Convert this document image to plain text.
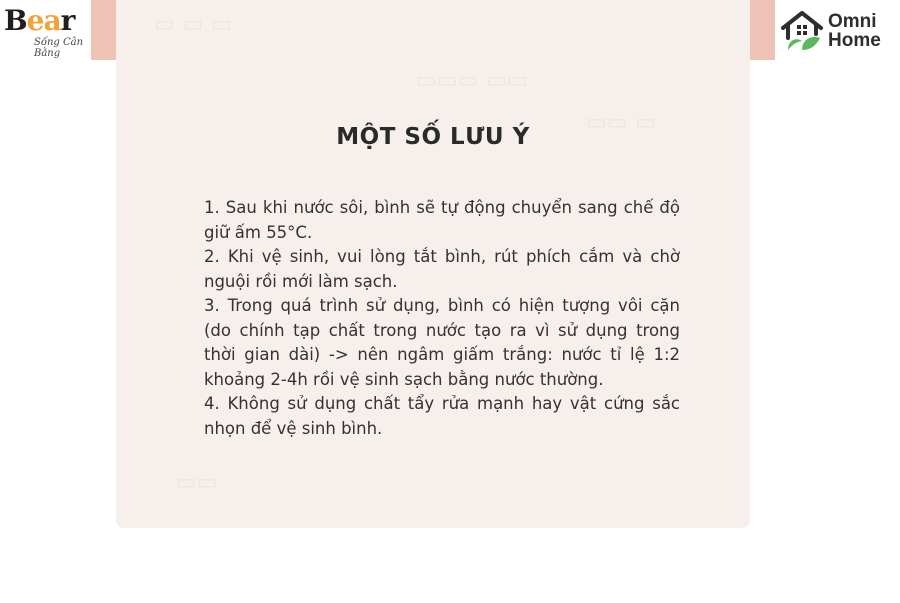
▭ ▭ ▭
▭▭▭ ▭▭
▭▭ ▭
▭▭
Bear
Sống Cân Bằng
Omni
Home
MỘT SỐ LƯU Ý
1. Sau khi nước sôi, bình sẽ tự động chuyển sang chế độ giữ ấm 55°C.
2. Khi vệ sinh, vui lòng tắt bình, rút phích cắm và chờ nguội rồi mới làm sạch.
3. Trong quá trình sử dụng, bình có hiện tượng vôi cặn (do chính tạp chất trong nước tạo ra vì sử dụng trong thời gian dài) -> nên ngâm giấm trắng: nước tỉ lệ 1:2 khoảng 2-4h rồi vệ sinh sạch bằng nước thường.
4. Không sử dụng chất tẩy rửa mạnh hay vật cứng sắc nhọn để vệ sinh bình.
